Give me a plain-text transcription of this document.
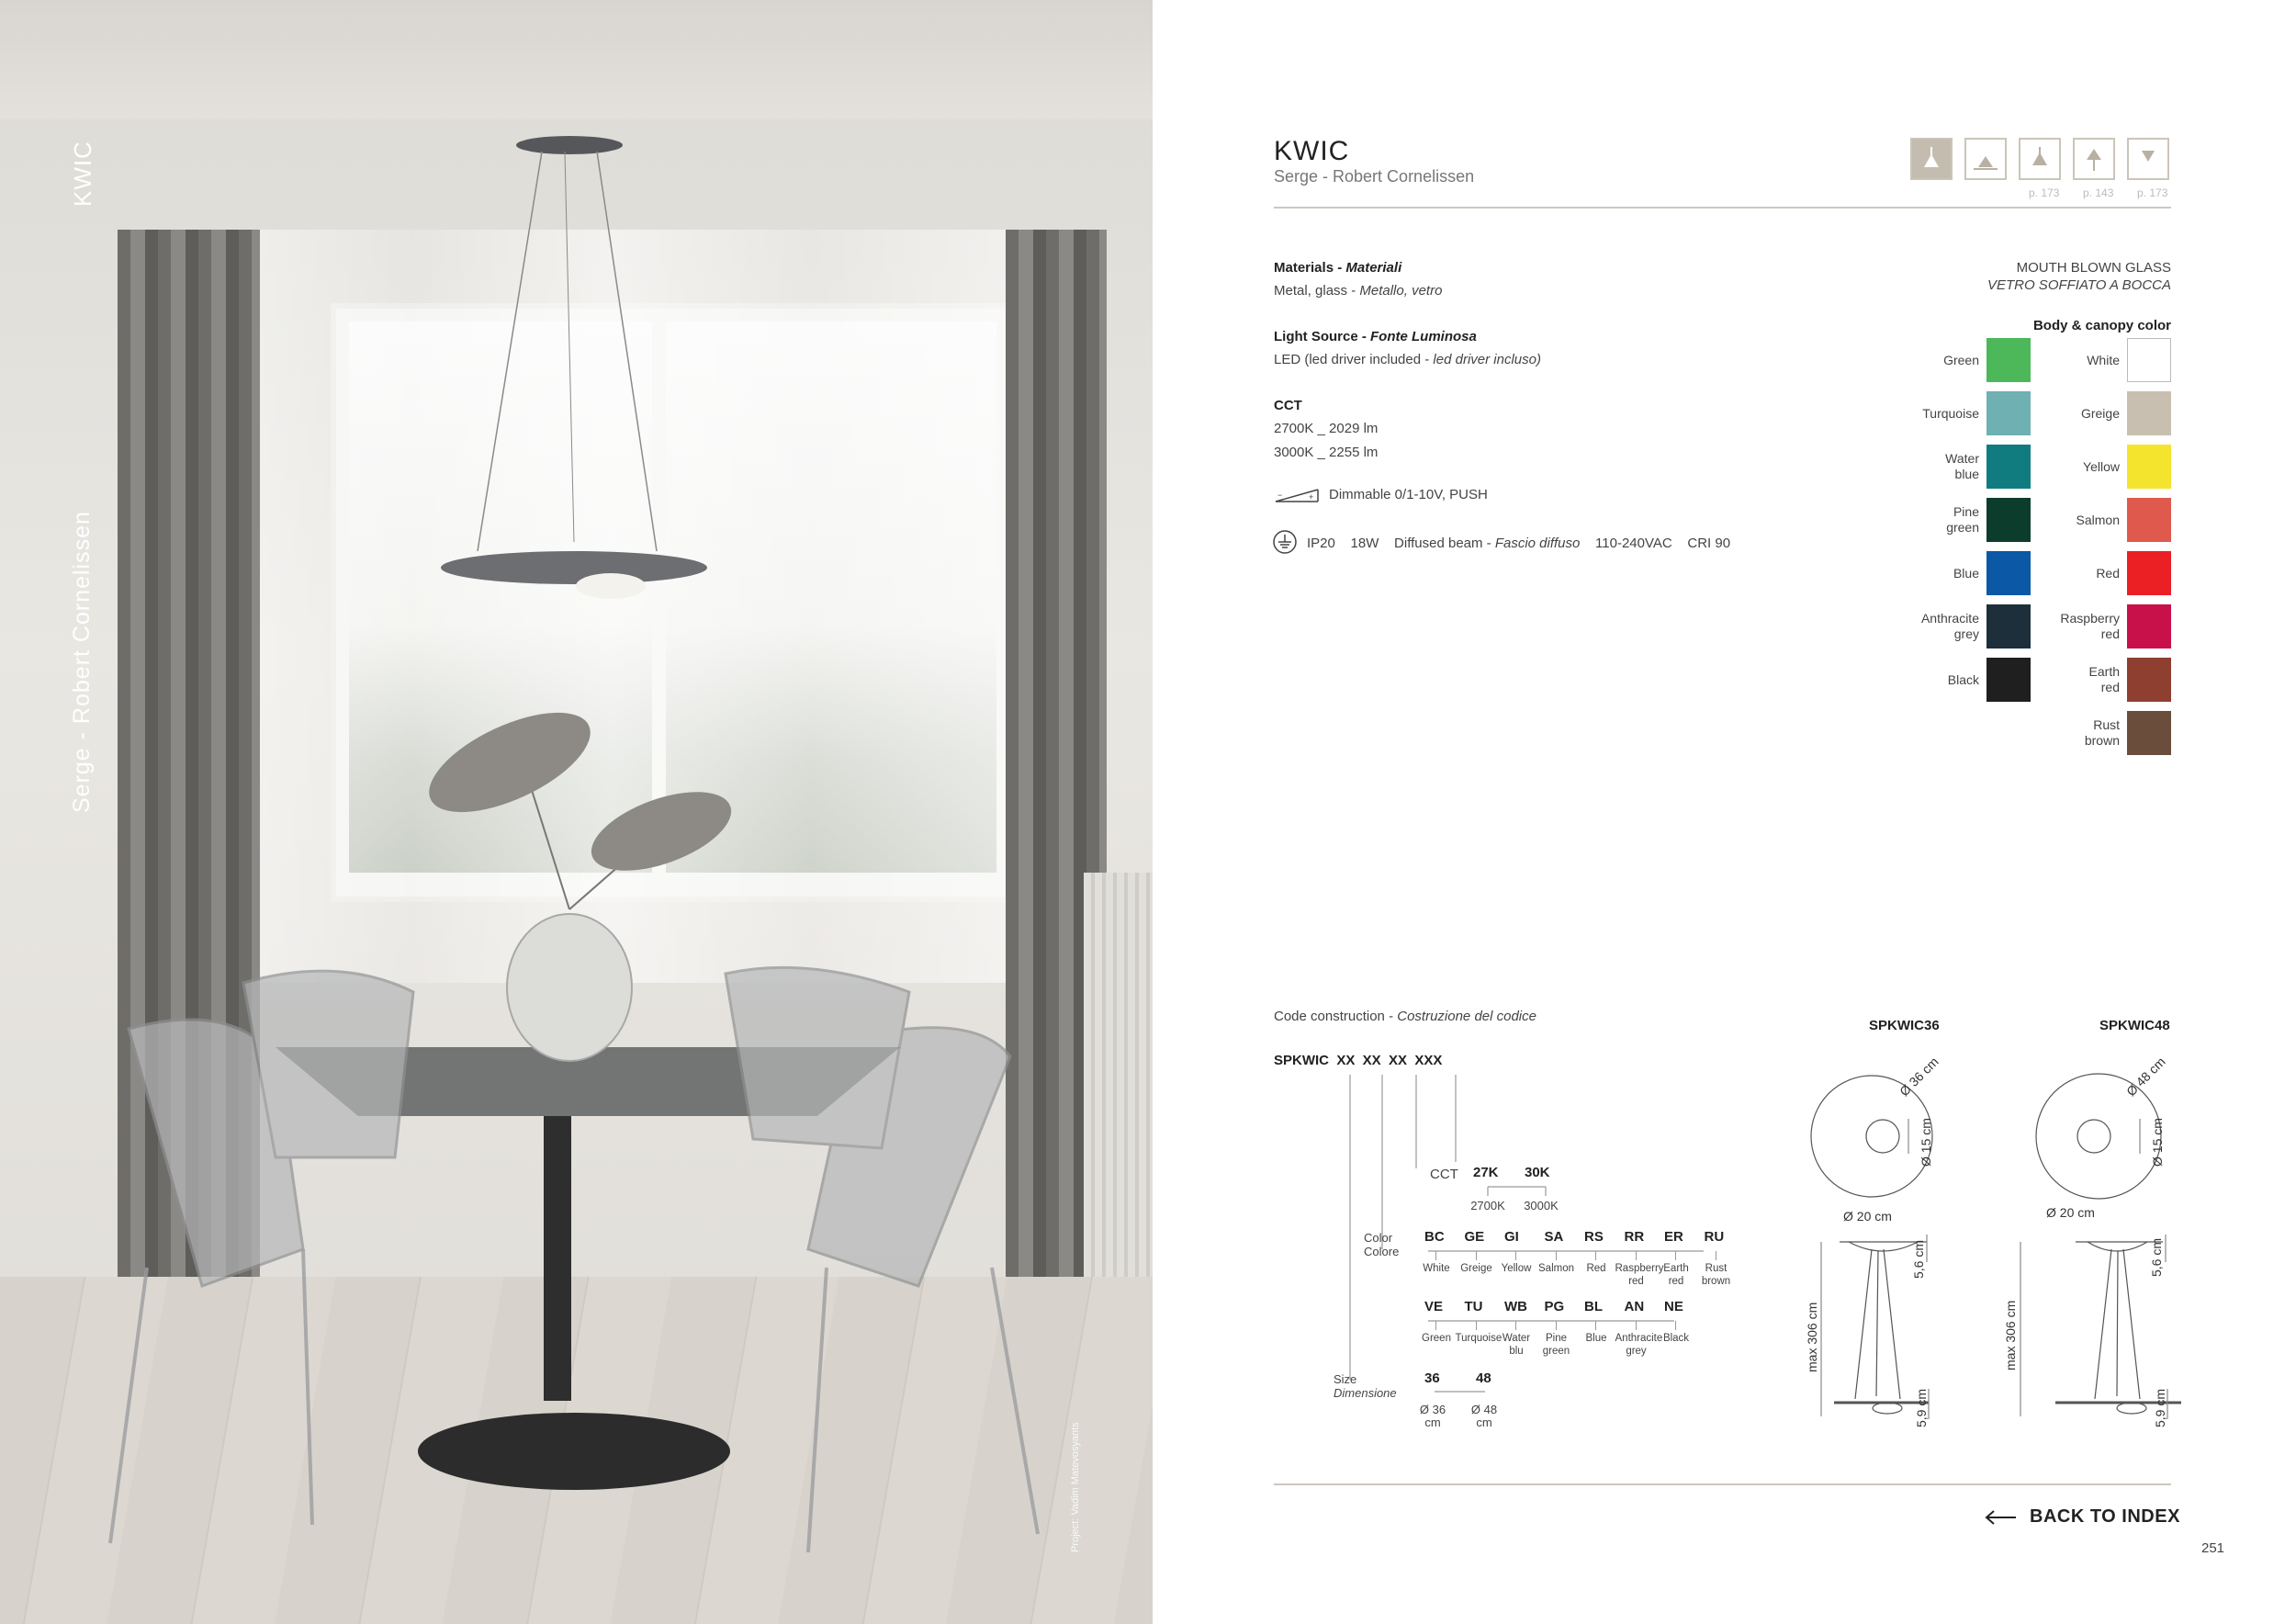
KWIC
Serge - Robert Cornelissen
Project: Vadim Matevosyants
KWIC
Serge - Robert Cornelissen
p. 173 p. 143 p. 173
Materials - Materiali
Metal, glass - Metallo, vetro
Light Source - Fonte Luminosa
LED (led driver included - led driver incluso)
CCT
2700K _ 2029 lm
3000K _ 2255 lm
−	+ Dimmable 0/1-10V, PUSH
IP20 18W Diffused beam - Fascio diffuso 110-240VAC CRI 90
MOUTH BLOWN GLASS
VETRO SOFFIATO A BOCCA
Body & canopy color
Code construction - Costruzione del codice
SPKWIC  XX  XX  XX  XXX
CCT 27K 30K
2700K	3000K
Color
Colore
Size
Dimensione
36	48
Ø 36 cm
Ø 48 cm
SPKWIC36	SPKWIC48
Ø 36 cm
Ø 15 cm
Ø 20 cm
5,6 cm
max 306 cm
5,9 cm
Ø 48 cm
Ø 15 cm
Ø 20 cm
5,6 cm
max 306 cm
5,9 cm
BACK TO INDEX
251
Green
Turquoise
Water
blue
Pine
green
Blue
Anthracite
grey
Black
White
Greige
Yellow
Salmon
Red
Raspberry
red
Earth
red
Rust
brown
BC
White
GE
Greige
GI
Yellow
SA
Salmon
RS
Red
RR
Raspberry
red
ER
Earth
red
RU
Rust
brown
VE
Green
TU
Turquoise
WB
Water
blu
PG
Pine
green
BL
Blue
AN
Anthracite
grey
NE
Black
